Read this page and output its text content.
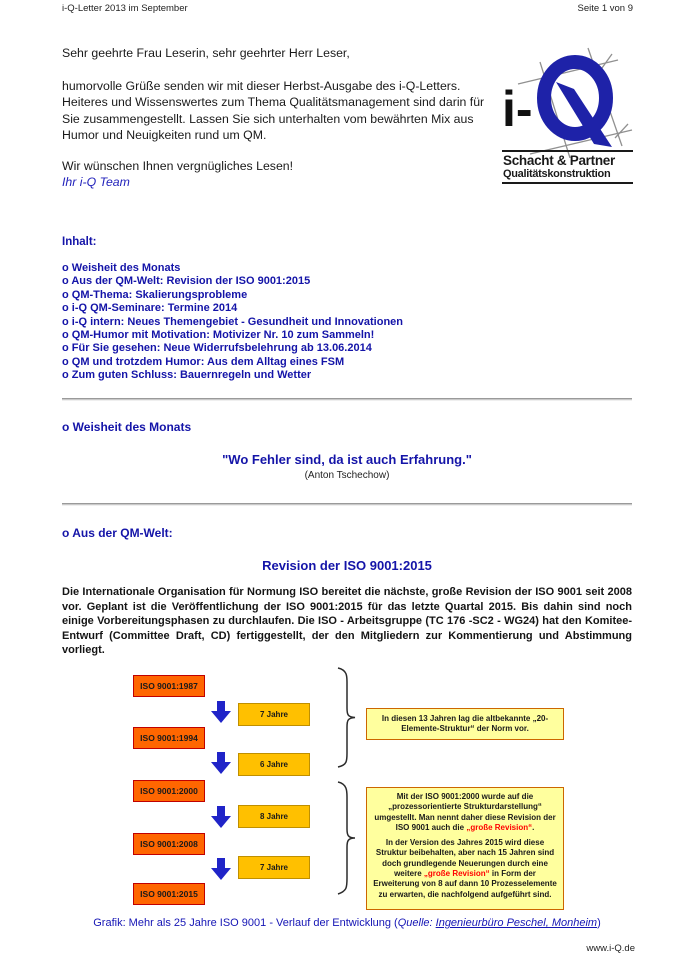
i-Q-Letter 2013 im September	Seite 1 von 9
Sehr geehrte Frau Leserin, sehr geehrter Herr Leser,
humorvolle Grüße senden wir mit dieser Herbst-Ausgabe des i-Q-Letters. Heiteres und Wissenswertes zum Thema Qualitätsmanagement sind darin für Sie zusammengestellt. Lassen Sie sich unterhalten vom bewährten Mix aus Humor und Neuigkeiten rund um QM.
Wir wünschen Ihnen vergnügliches Lesen!
Ihr i-Q Team
i-
Schacht & Partner
Qualitätskonstruktion
Inhalt:
o Weisheit des Monats
o Aus der QM-Welt: Revision der ISO 9001:2015
o QM-Thema: Skalierungsprobleme
o i-Q QM-Seminare: Termine 2014
o i-Q intern: Neues Themengebiet - Gesundheit und Innovationen
o QM-Humor mit Motivation: Motivizer Nr. 10 zum Sammeln!
o Für Sie gesehen: Neue Widerrufsbelehrung ab 13.06.2014
o QM und trotzdem Humor: Aus dem Alltag eines FSM
o Zum guten Schluss: Bauernregeln und Wetter
o Weisheit des Monats
"Wo Fehler sind, da ist auch Erfahrung."
(Anton Tschechow)
o Aus der QM-Welt:
Revision der ISO 9001:2015
Die Internationale Organisation für Normung ISO bereitet die nächste, große Revision der ISO 9001 seit 2008 vor. Geplant ist die Veröffentlichung der ISO 9001:2015 für das letzte Quartal 2015. Bis dahin sind noch einige Vorbereitungsphasen zu durchlaufen. Die ISO - Arbeitsgruppe (TC 176 -SC2 - WG24) hat den Komitee-Entwurf (Committee Draft, CD) fertiggestellt, der den Mitgliedern zur Kommentierung und Abstimmung vorliegt.
ISO 9001:1987
ISO 9001:1994
ISO 9001:2000
ISO 9001:2008
ISO 9001:2015
7 Jahre
6 Jahre
8 Jahre
7 Jahre

In diesen 13 Jahren lag die altbekannte „20- Elemente-Struktur“ der Norm vor.

Mit der ISO 9001:2000 wurde auf die „prozessorientierte Strukturdarstellung“ umgestellt. Man nennt daher diese Revision der ISO 9001 auch die „große Revision“.

In der Version des Jahres 2015 wird diese Struktur beibehalten, aber nach 15 Jahren sind doch grundlegende Neuerungen durch eine weitere „große Revision“ in Form der Erweiterung von 8 auf dann 10 Prozesselemente zu erwarten, die nachfolgend aufgeführt sind.

Grafik: Mehr als 25 Jahre ISO 9001 - Verlauf der Entwicklung (Quelle: Ingenieurbüro Peschel, Monheim)
www.i-Q.de
